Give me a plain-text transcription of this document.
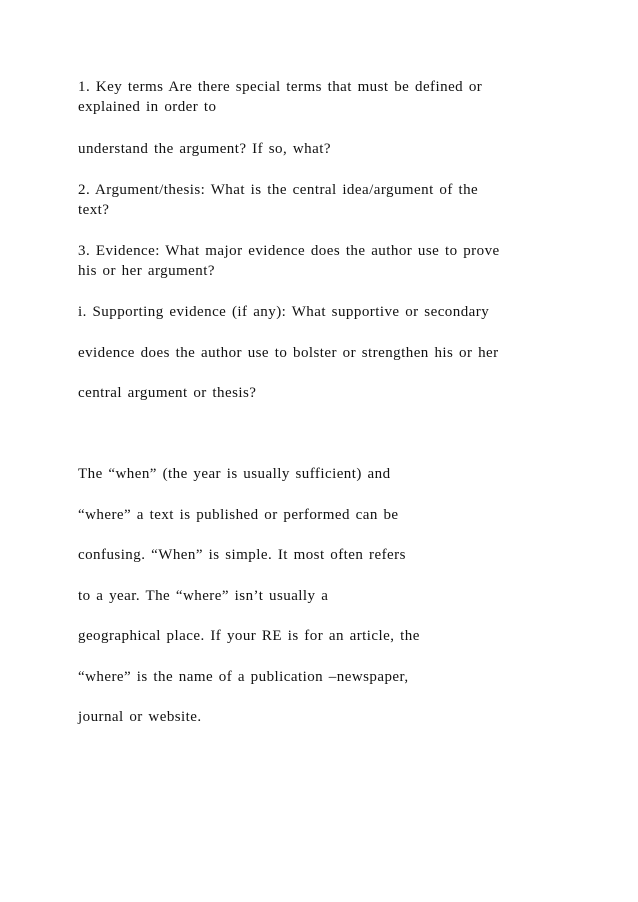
1. Key terms Are there special terms that must be defined or

explained in order to

understand the argument? If so, what?

2. Argument/thesis: What is the central idea/argument of the

text?

3. Evidence: What major evidence does the author use to prove

his or her argument?

i. Supporting evidence (if any): What supportive or secondary

evidence does the author use to bolster or strengthen his or her

central argument or thesis?

The “when” (the year is usually sufficient) and

“where” a text is published or performed can be

confusing. “When” is simple. It most often refers

to a year. The “where” isn’t usually a

geographical place. If your RE is for an article, the

“where” is the name of a publication –newspaper,

journal or website.
